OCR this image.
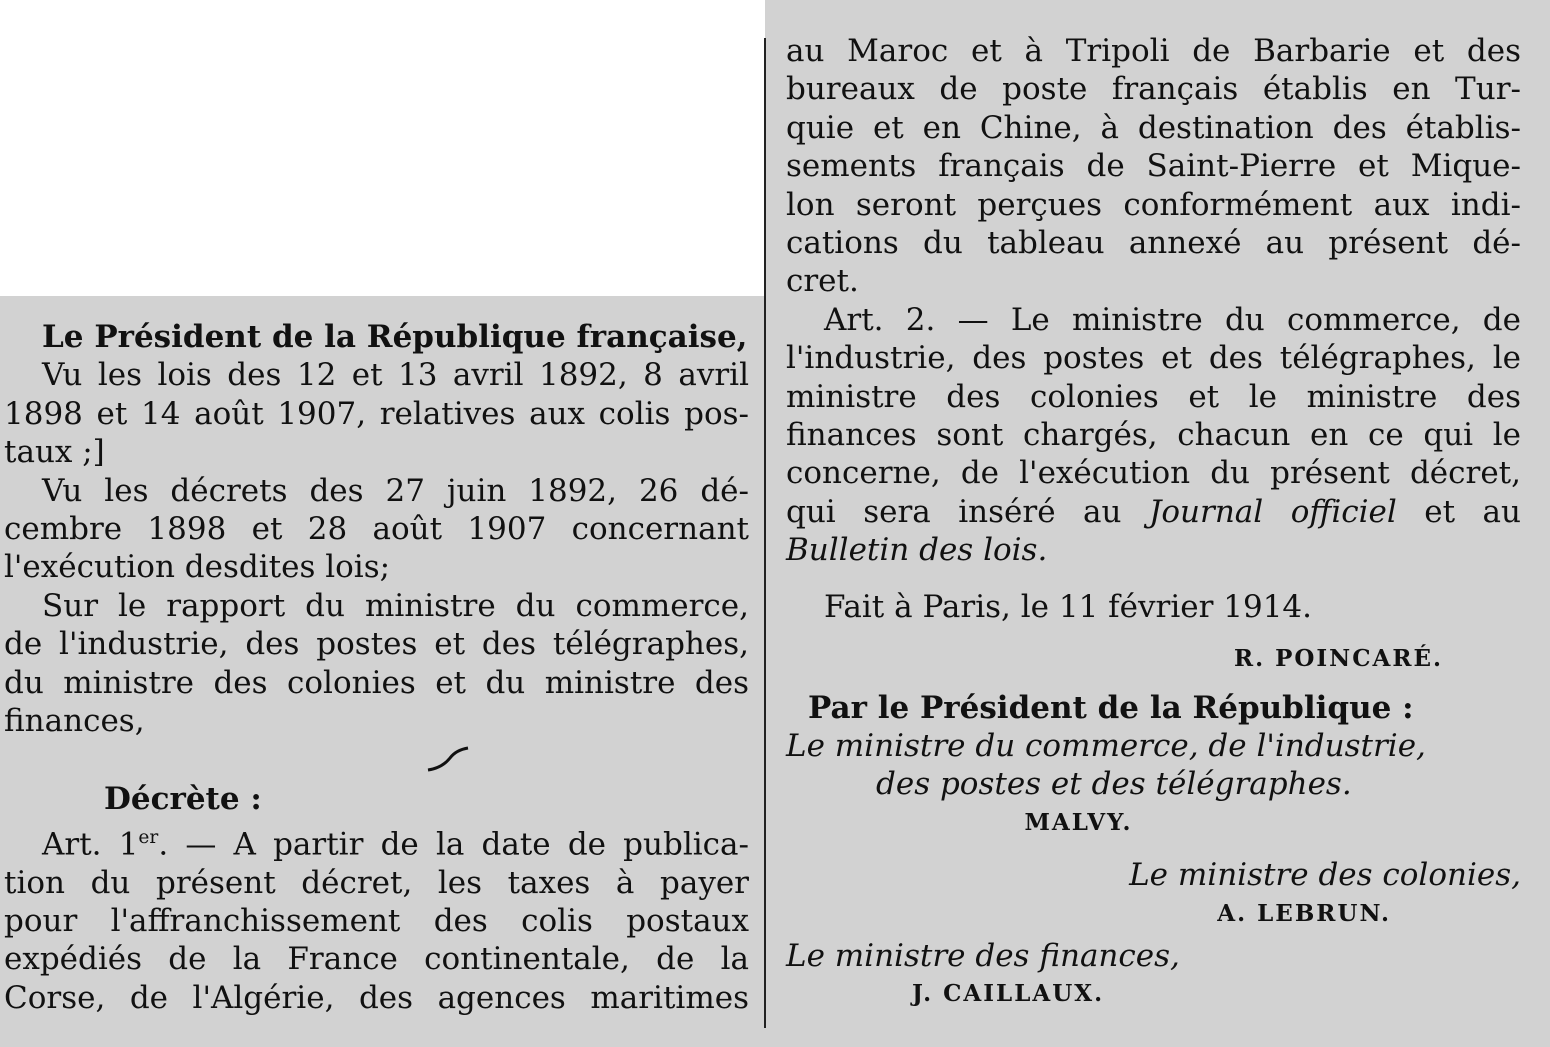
Le Président de la République française,
Vu les lois des 12 et 13 avril 1892, 8 avril
1898 et 14 août 1907, relatives aux colis pos-
taux ;]
Vu les décrets des 27 juin 1892, 26 dé-
cembre 1898 et 28 août 1907 concernant
l'exécution desdites lois;
Sur le rapport du ministre du commerce,
de l'industrie, des postes et des télégraphes,
du ministre des colonies et du ministre des
finances,
Décrète :
Art. 1er. — A partir de la date de publica-
tion du présent décret, les taxes à payer
pour l'affranchissement des colis postaux
expédiés de la France continentale, de la
Corse, de l'Algérie, des agences maritimes
au Maroc et à Tripoli de Barbarie et des
bureaux de poste français établis en Tur-
quie et en Chine, à destination des établis-
sements français de Saint-Pierre et Mique-
lon seront perçues conformément aux indi-
cations du tableau annexé au présent dé-
cret.
Art. 2. — Le ministre du commerce, de
l'industrie, des postes et des télégraphes, le
ministre des colonies et le ministre des
finances sont chargés, chacun en ce qui le
concerne, de l'exécution du présent décret,
qui sera inséré au Journal officiel et au
Bulletin des lois.
Fait à Paris, le 11 février 1914.
R. POINCARÉ.
Par le Président de la République :
Le ministre du commerce, de l'industrie,
des postes et des télégraphes.
MALVY.
Le ministre des colonies,
A. LEBRUN.
Le ministre des finances,
J. CAILLAUX.
